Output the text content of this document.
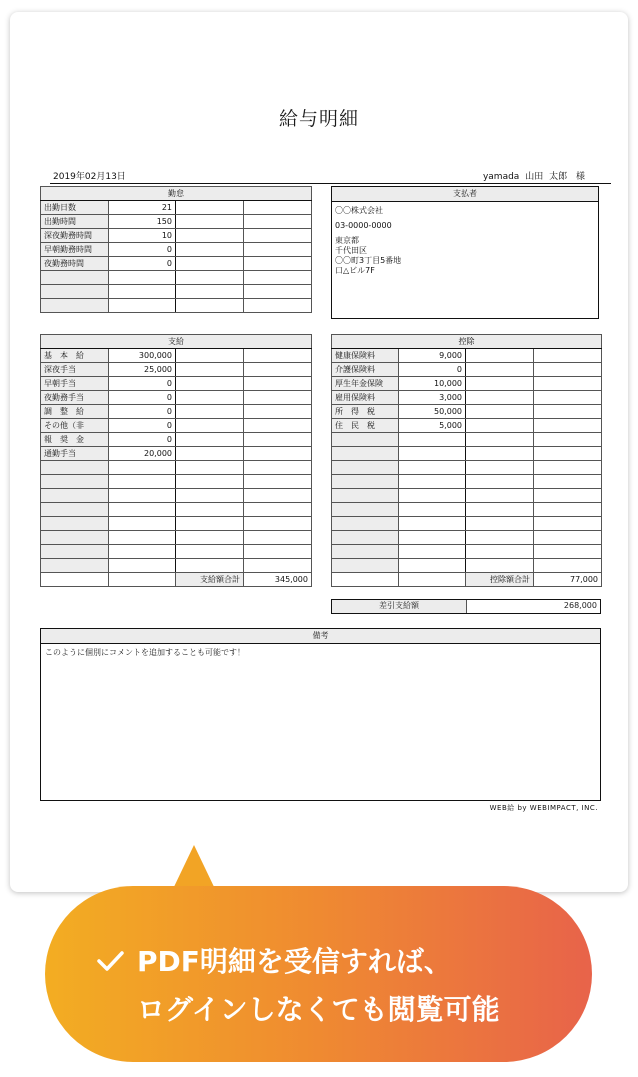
給与明細
2019年02月13日	yamada 山田 太郎 様
勤怠			
出勤日数	21		
出勤時間	150		
深夜勤務時間	10		
早朝勤務時間	0		
夜勤務時間	0		

支払者
〇〇株式会社
03-0000-0000
東京都
千代田区
〇〇町3丁目5番地
口△ビル7F
支給			
基　本　給	300,000		
深夜手当	25,000		
早朝手当	0		
夜勤務手当	0		
調　整　給	0		
その他（非	0		
報　奨　金	0		
通勤手当	20,000		

		支給額合計	345,000
控除			
健康保険料	9,000		
介護保険料	0		
厚生年金保険	10,000		
雇用保険料	3,000		
所　得　税	50,000		
住　民　税	5,000		

		控除額合計	77,000
差引支給額	268,000
備考
このように個別にコメントを追加することも可能です！
WEB給 by WEBIMPACT, INC.
PDF明細を受信すれば、
ログインしなくても閲覧可能
